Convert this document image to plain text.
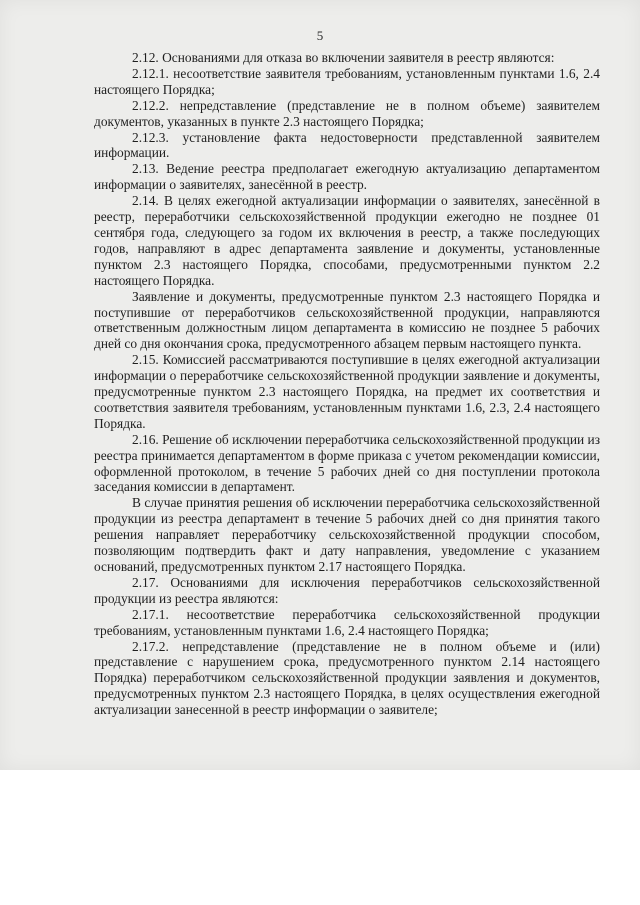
5

2.12. Основаниями для отказа во включении заявителя в реестр являются:

2.12.1. несоответствие заявителя требованиям, установленным пунктами 1.6, 2.4 настоящего Порядка;

2.12.2. непредставление (представление не в полном объеме) заявителем документов, указанных в пункте 2.3 настоящего Порядка;

2.12.3. установление факта недостоверности представленной заявителем информации.

2.13. Ведение реестра предполагает ежегодную актуализацию департаментом информации о заявителях, занесённой в реестр.

2.14. В целях ежегодной актуализации информации о заявителях, занесённой в реестр, переработчики сельскохозяйственной продукции ежегодно не позднее 01 сентября года, следующего за годом их включения в реестр, а также последующих годов, направляют в адрес департамента заявление и документы, установленные пунктом 2.3 настоящего Порядка, способами, предусмотренными пунктом 2.2 настоящего Порядка.

Заявление и документы, предусмотренные пунктом 2.3 настоящего Порядка и поступившие от переработчиков сельскохозяйственной продукции, направляются ответственным должностным лицом департамента в комиссию не позднее 5 рабочих дней со дня окончания срока, предусмотренного абзацем первым настоящего пункта.

2.15. Комиссией рассматриваются поступившие в целях ежегодной актуализации информации о переработчике сельскохозяйственной продукции заявление и документы, предусмотренные пунктом 2.3 настоящего Порядка, на предмет их соответствия и соответствия заявителя требованиям, установленным пунктами 1.6, 2.3, 2.4 настоящего Порядка.

2.16. Решение об исключении переработчика сельскохозяйственной продукции из реестра принимается департаментом в форме приказа с учетом рекомендации комиссии, оформленной протоколом, в течение 5 рабочих дней со дня поступлении протокола заседания комиссии в департамент.

В случае принятия решения об исключении переработчика сельскохозяйственной продукции из реестра департамент в течение 5 рабочих дней со дня принятия такого решения направляет переработчику сельскохозяйственной продукции способом, позволяющим подтвердить факт и дату направления, уведомление с указанием оснований, предусмотренных пунктом 2.17 настоящего Порядка.

2.17. Основаниями для исключения переработчиков сельскохозяйственной продукции из реестра являются:

2.17.1. несоответствие переработчика сельскохозяйственной продукции требованиям, установленным пунктами 1.6, 2.4 настоящего Порядка;

2.17.2. непредставление (представление не в полном объеме и (или) представление с нарушением срока, предусмотренного пунктом 2.14 настоящего Порядка) переработчиком сельскохозяйственной продукции заявления и документов, предусмотренных пунктом 2.3 настоящего Порядка, в целях осуществления ежегодной актуализации занесенной в реестр информации о заявителе;
